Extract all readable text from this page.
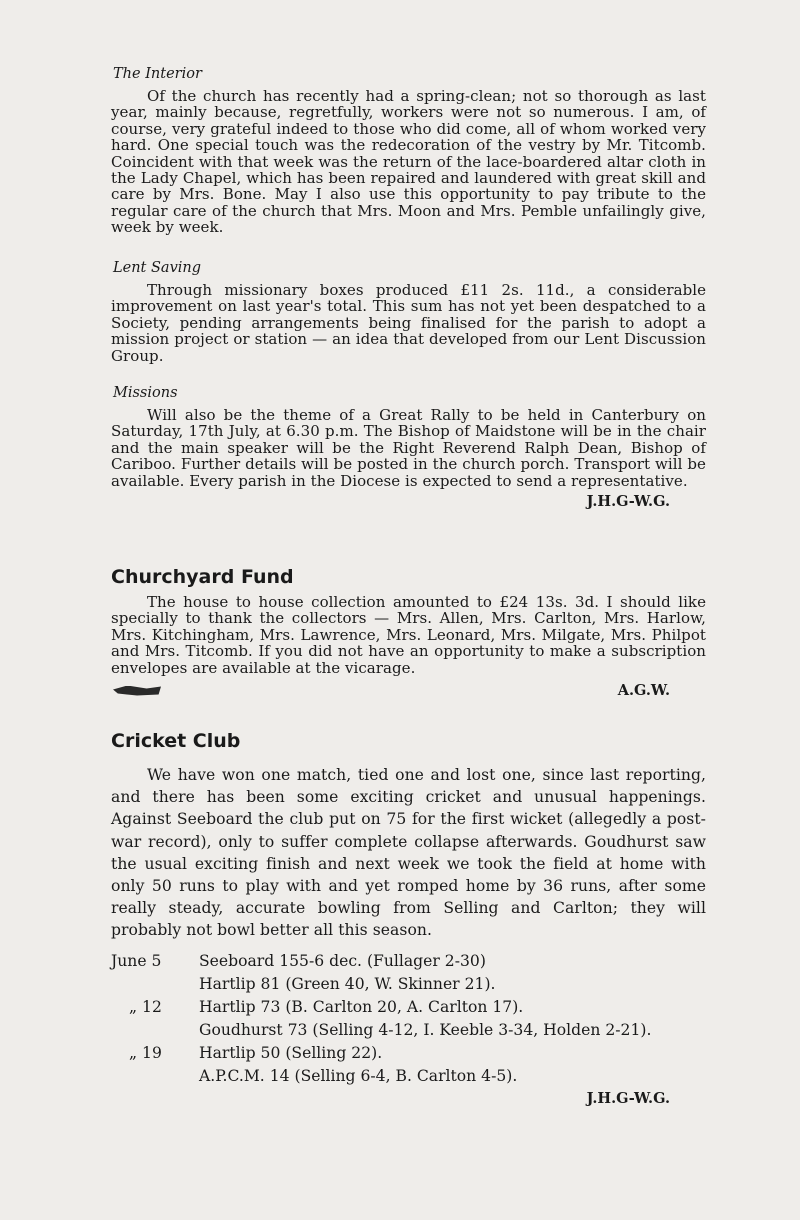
The Interior

Of the church has recently had a spring-clean; not so thorough as last year, mainly because, regretfully, workers were not so numerous. I am, of course, very grateful indeed to those who did come, all of whom worked very hard. One special touch was the redecoration of the vestry by Mr. Titcomb. Coincident with that week was the return of the lace-boardered altar cloth in the Lady Chapel, which has been repaired and laundered with great skill and care by Mrs. Bone. May I also use this opportunity to pay tribute to the regular care of the church that Mrs. Moon and Mrs. Pemble unfailingly give, week by week.

Lent Saving

Through missionary boxes produced £11 2s. 11d., a considerable improvement on last year's total. This sum has not yet been despatched to a Society, pending arrangements being finalised for the parish to adopt a mission project or station — an idea that developed from our Lent Discussion Group.

Missions

Will also be the theme of a Great Rally to be held in Canterbury on Saturday, 17th July, at 6.30 p.m. The Bishop of Maidstone will be in the chair and the main speaker will be the Right Reverend Ralph Dean, Bishop of Cariboo. Further details will be posted in the church porch. Transport will be available. Every parish in the Diocese is expected to send a representative.

J.H.G-W.G.

Churchyard Fund

The house to house collection amounted to £24 13s. 3d. I should like specially to thank the collectors — Mrs. Allen, Mrs. Carlton, Mrs. Harlow, Mrs. Kitchingham, Mrs. Lawrence, Mrs. Leonard, Mrs. Milgate, Mrs. Philpot and Mrs. Titcomb. If you did not have an opportunity to make a subscription envelopes are available at the vicarage.

A.G.W.
Cricket Club

We have won one match, tied one and lost one, since last reporting, and there has been some exciting cricket and unusual happenings. Against Seeboard the club put on 75 for the first wicket (allegedly a post-war record), only to suffer complete collapse afterwards. Goudhurst saw the usual exciting finish and next week we took the field at home with only 50 runs to play with and yet romped home by 36 runs, after some really steady, accurate bowling from Selling and Carlton; they will probably not bowl better all this season.

June 5	Seeboard 155-6 dec. (Fullager 2-30)
	Hartlip 81 (Green 40, W. Skinner 21).
„ 12	Hartlip 73 (B. Carlton 20, A. Carlton 17).
	Goudhurst 73 (Selling 4-12, I. Keeble 3-34, Holden 2-21).
„ 19	Hartlip 50 (Selling 22).
	A.P.C.M. 14 (Selling 6-4, B. Carlton 4-5).

J.H.G-W.G.
